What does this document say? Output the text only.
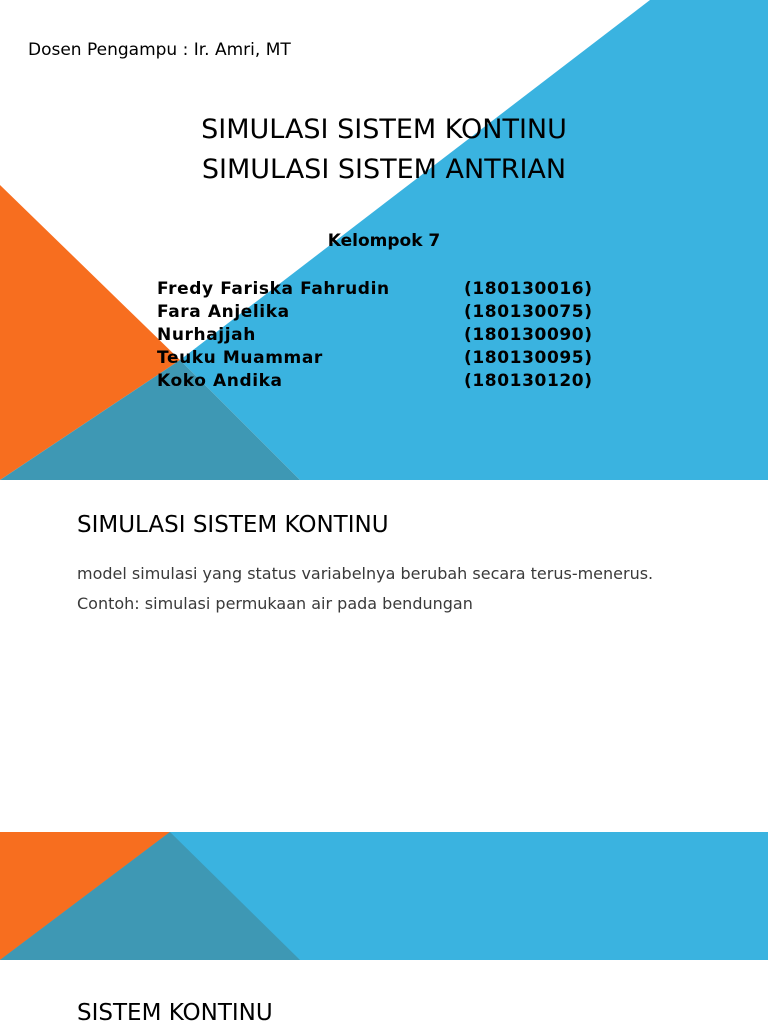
Dosen Pengampu : Ir. Amri, MT
SIMULASI SISTEM KONTINU
SIMULASI SISTEM ANTRIAN
Kelompok 7
Fredy Fariska Fahrudin	(180130016)
Fara Anjelika	(180130075)
Nurhajjah	(180130090)
Teuku Muammar	(180130095)
Koko Andika	(180130120)
SIMULASI SISTEM KONTINU

model simulasi yang status variabelnya berubah secara terus-menerus.

Contoh: simulasi permukaan air pada bendungan

SISTEM KONTINU
